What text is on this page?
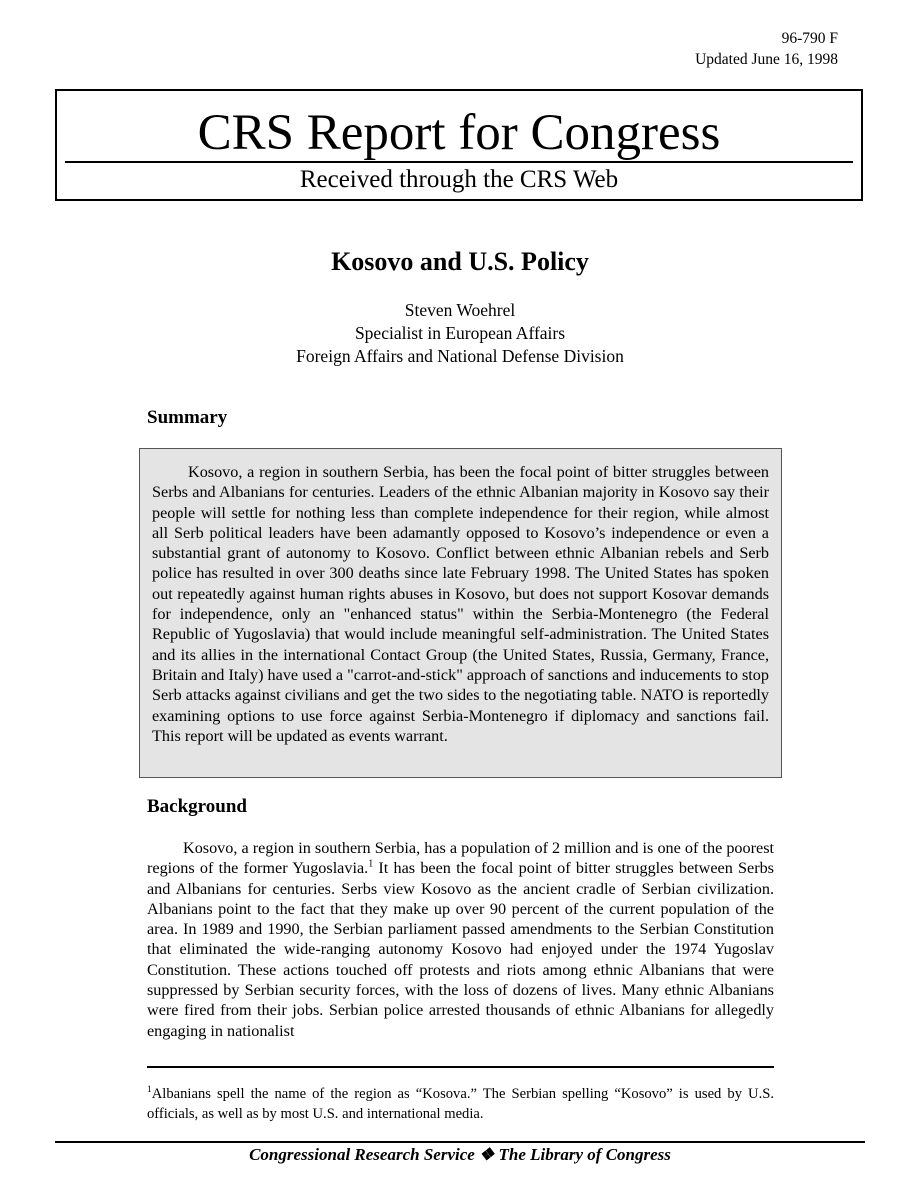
96-790 F
Updated June 16, 1998
CRS Report for Congress
Received through the CRS Web
Kosovo and U.S. Policy
Steven Woehrel
Specialist in European Affairs
Foreign Affairs and National Defense Division
Summary

Kosovo, a region in southern Serbia, has been the focal point of bitter struggles between Serbs and Albanians for centuries. Leaders of the ethnic Albanian majority in Kosovo say their people will settle for nothing less than complete independence for their region, while almost all Serb political leaders have been adamantly opposed to Kosovo’s independence or even a substantial grant of autonomy to Kosovo. Conflict between ethnic Albanian rebels and Serb police has resulted in over 300 deaths since late February 1998. The United States has spoken out repeatedly against human rights abuses in Kosovo, but does not support Kosovar demands for independence, only an "enhanced status" within the Serbia-Montenegro (the Federal Republic of Yugoslavia) that would include meaningful self-administration. The United States and its allies in the international Contact Group (the United States, Russia, Germany, France, Britain and Italy) have used a "carrot-and-stick" approach of sanctions and inducements to stop Serb attacks against civilians and get the two sides to the negotiating table. NATO is reportedly examining options to use force against Serbia-Montenegro if diplomacy and sanctions fail. This report will be updated as events warrant.

Background

Kosovo, a region in southern Serbia, has a population of 2 million and is one of the poorest regions of the former Yugoslavia.$^1$ It has been the focal point of bitter struggles between Serbs and Albanians for centuries. Serbs view Kosovo as the ancient cradle of Serbian civilization. Albanians point to the fact that they make up over 90 percent of the current population of the area. In 1989 and 1990, the Serbian parliament passed amendments to the Serbian Constitution that eliminated the wide-ranging autonomy Kosovo had enjoyed under the 1974 Yugoslav Constitution. These actions touched off protests and riots among ethnic Albanians that were suppressed by Serbian security forces, with the loss of dozens of lives. Many ethnic Albanians were fired from their jobs. Serbian police arrested thousands of ethnic Albanians for allegedly engaging in nationalist

$^1$Albanians spell the name of the region as “Kosova.” The Serbian spelling “Kosovo” is used by U.S. officials, as well as by most U.S. and international media.

Congressional Research Service ❖ The Library of Congress
